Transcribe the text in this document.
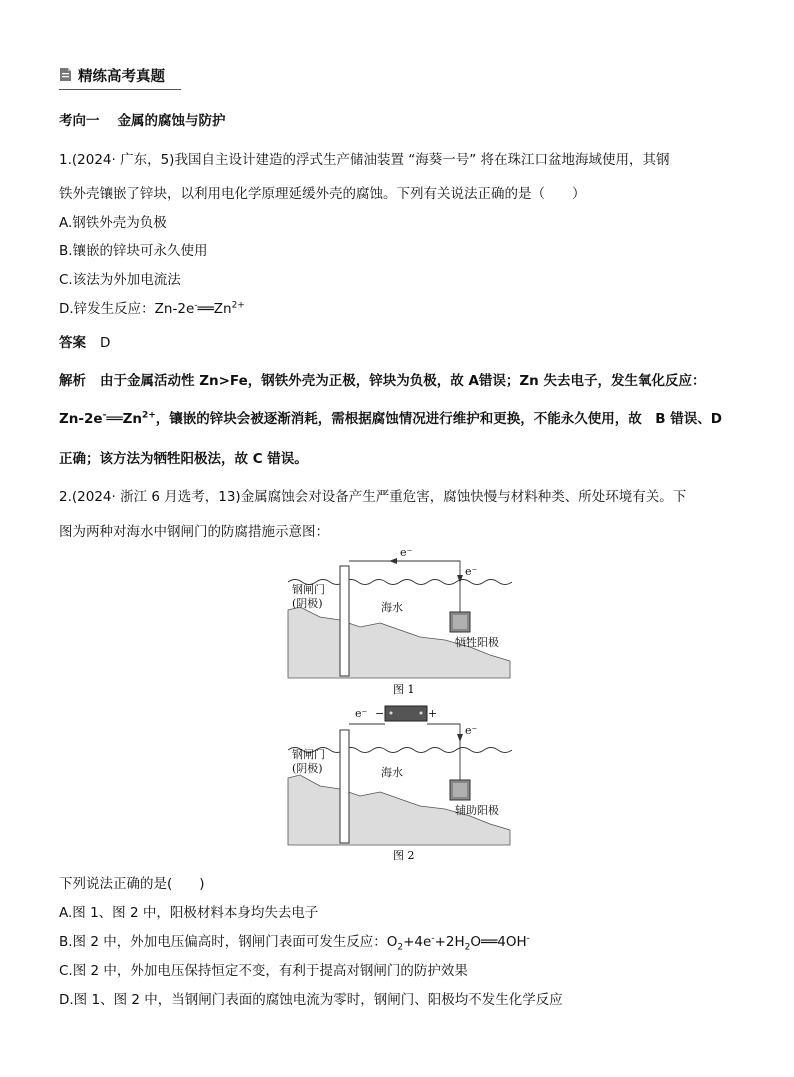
精练高考真题
考向一 金属的腐蚀与防护
1.(2024· 广东，5)我国自主设计建造的浮式生产储油装置 “海葵一号” 将在珠江口盆地海域使用，其钢
铁外壳镶嵌了锌块，以利用电化学原理延缓外壳的腐蚀。下列有关说法正确的是（　　）
A.钢铁外壳为负极
B.镶嵌的锌块可永久使用
C.该法为外加电流法
D.锌发生反应：$Zn-2e^-══Zn^{2+}$
答案 D
解析 由于金属活动性 Zn>Fe，钢铁外壳为正极，锌块为负极，故 A错误；Zn 失去电子，发生氧化反应：
$Zn-2e^-══Zn^{2+}$，镶嵌的锌块会被逐渐消耗，需根据腐蚀情况进行维护和更换，不能永久使用，故　B 错误、D
正确；该方法为牺牲阳极法，故 C 错误。
2.(2024· 浙江 6 月选考，13)金属腐蚀会对设备产生严重危害，腐蚀快慢与材料种类、所处环境有关。下
图为两种对海水中钢闸门的防腐措施示意图：
e⁻
e⁻
钢闸门
(阴极)	海水
牺牲阳极
图 1
e⁻ −	+
e⁻
钢闸门
(阴极)	海水
辅助阳极
图 2
下列说法正确的是(　　)
A.图 1、图 2 中，阳极材料本身均失去电子
B.图 2 中，外加电压偏高时，钢闸门表面可发生反应：$O_2+4e^-+2H_2O══4OH^-$
C.图 2 中，外加电压保持恒定不变，有利于提高对钢闸门的防护效果
D.图 1、图 2 中，当钢闸门表面的腐蚀电流为零时，钢闸门、阳极均不发生化学反应
